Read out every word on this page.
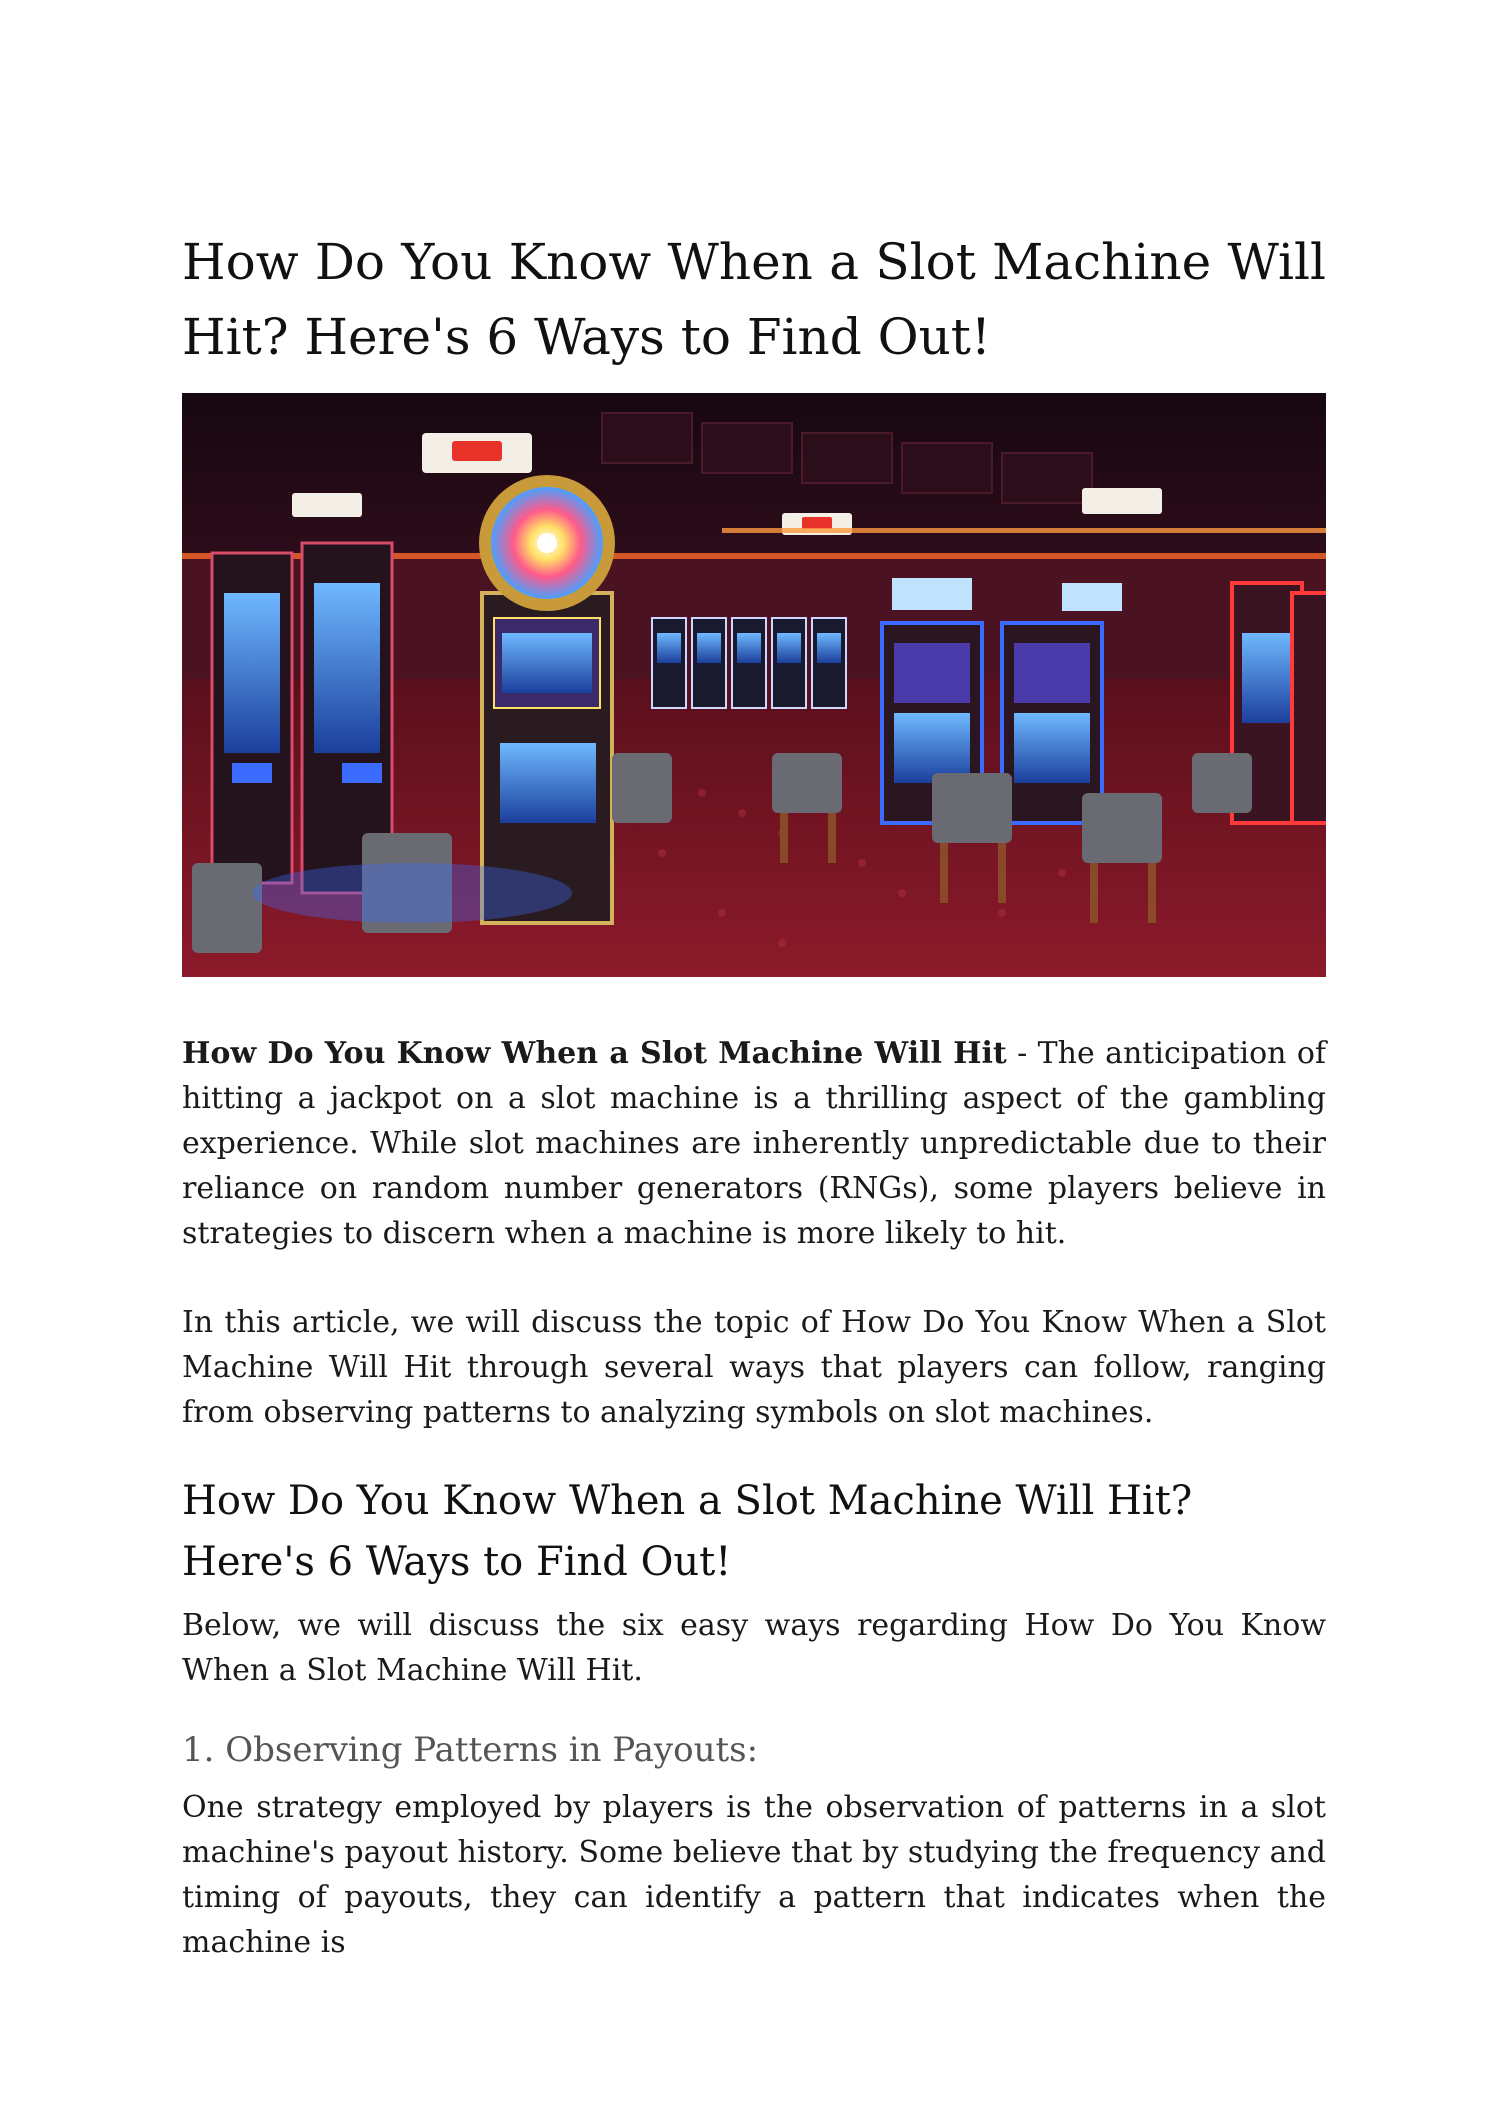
How Do You Know When a Slot Machine Will Hit? Here's 6 Ways to Find Out!

How Do You Know When a Slot Machine Will Hit - The anticipation of hitting a jackpot on a slot machine is a thrilling aspect of the gambling experience. While slot machines are inherently unpredictable due to their reliance on random number generators (RNGs), some players believe in strategies to discern when a machine is more likely to hit.

In this article, we will discuss the topic of How Do You Know When a Slot Machine Will Hit through several ways that players can follow, ranging from observing patterns to analyzing symbols on slot machines.

How Do You Know When a Slot Machine Will Hit? Here's 6 Ways to Find Out!

Below, we will discuss the six easy ways regarding How Do You Know When a Slot Machine Will Hit.

1. Observing Patterns in Payouts:

One strategy employed by players is the observation of patterns in a slot machine's payout history. Some believe that by studying the frequency and timing of payouts, they can identify a pattern that indicates when the machine is
